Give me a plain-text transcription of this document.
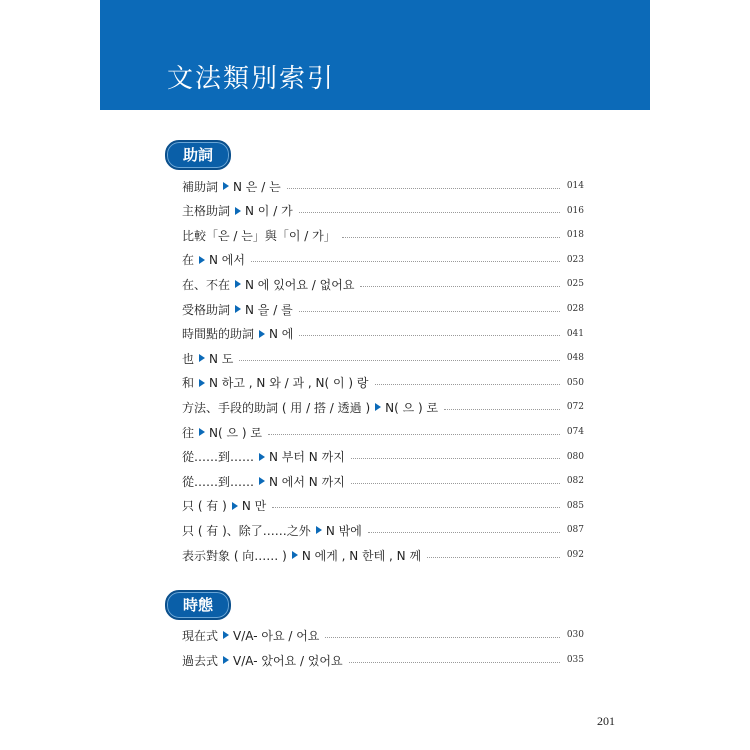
文法類別索引
助詞
補助詞 N 은 / 는	014
主格助詞 N 이 / 가	016
比較「은 / 는」與「이 / 가」	018
在 N 에서	023
在、不在 N 에 있어요 / 없어요	025
受格助詞 N 을 / 를	028
時間點的助詞 N 에	041
也 N 도	048
和 N 하고 , N 와 / 과 , N( 이 ) 랑	050
方法、手段的助詞 ( 用 / 搭 / 透過 ) N( 으 ) 로	072
往 N( 으 ) 로	074
從……到…… N 부터 N 까지	080
從……到…… N 에서 N 까지	082
只 ( 有 ) N 만	085
只 ( 有 )、除了……之外 N 밖에	087
表示對象 ( 向…… ) N 에게 , N 한테 , N 께	092
時態
現在式 V/A- 아요 / 어요	030
過去式 V/A- 았어요 / 었어요	035
201
